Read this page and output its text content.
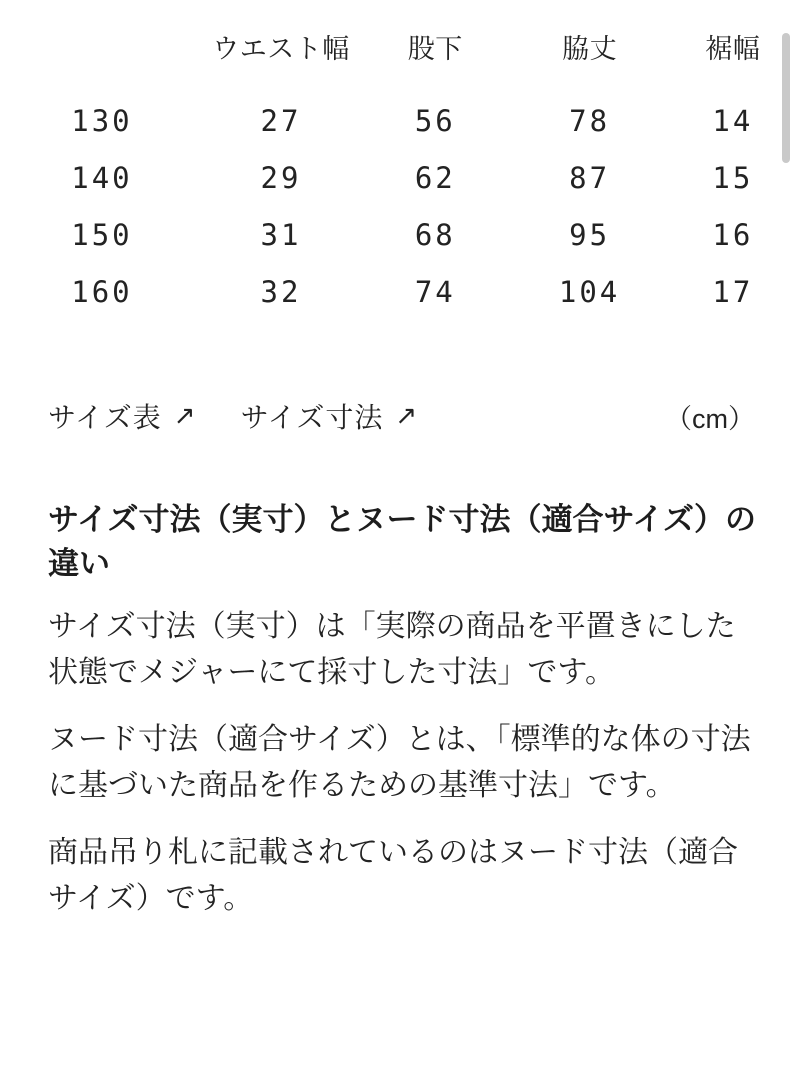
	ウエスト幅	股下	脇丈	裾幅
130	27	56	78	14
140	29	62	87	15
150	31	68	95	16
160	32	74	104	17
サイズ表 ↗ サイズ寸法 ↗	（cm）
サイズ寸法（実寸）とヌード寸法（適合サイズ）の違い

サイズ寸法（実寸）は「実際の商品を平置きにした状態でメジャーにて採寸した寸法」です。

ヌード寸法（適合サイズ）とは、「標準的な体の寸法に基づいた商品を作るための基準寸法」です。

商品吊り札に記載されているのはヌード寸法（適合サイズ）です。
